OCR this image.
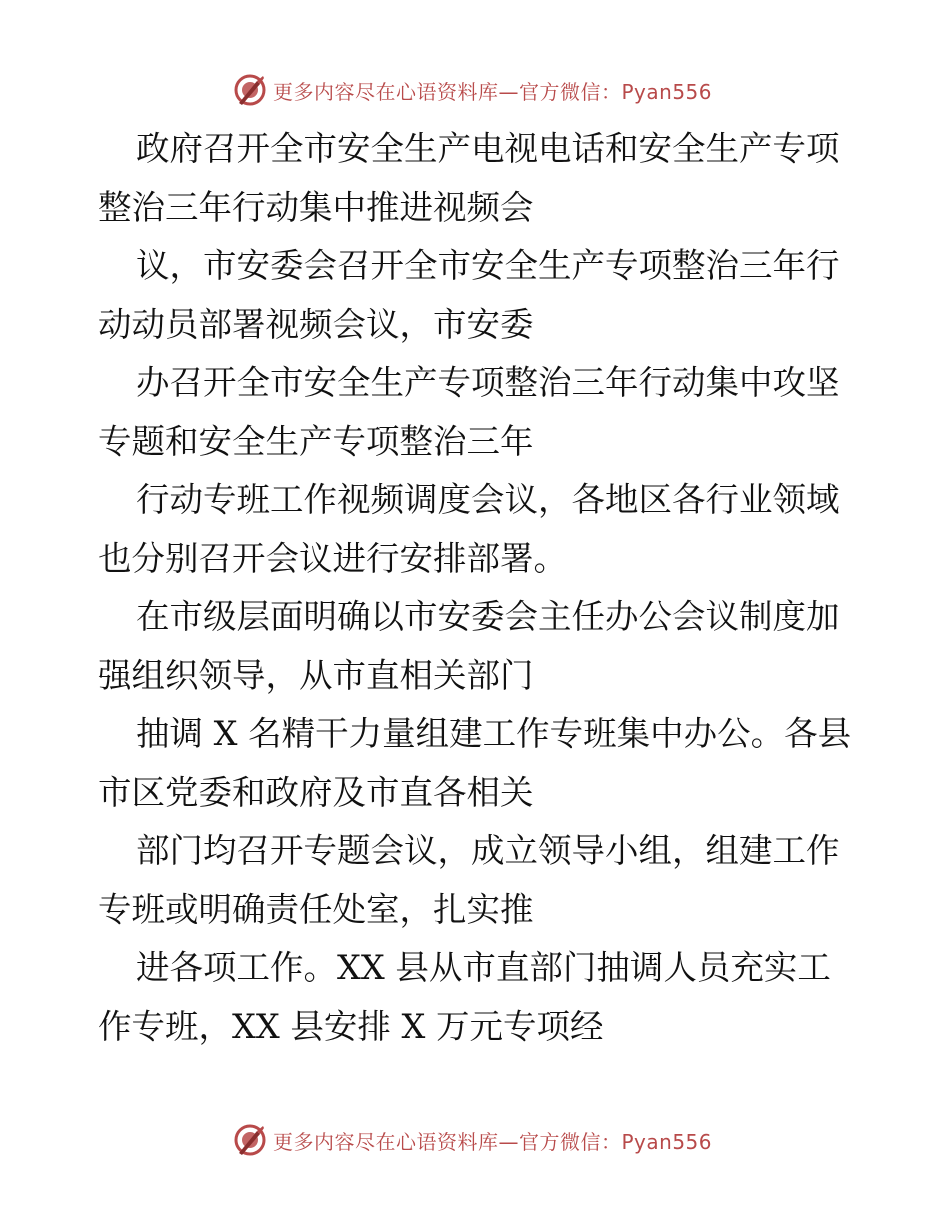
更多内容尽在心语资料库—官方微信：Pyan556

政府召开全市安全生产电视电话和安全生产专项整治三年行动集中推进视频会

议，市安委会召开全市安全生产专项整治三年行动动员部署视频会议，市安委

办召开全市安全生产专项整治三年行动集中攻坚专题和安全生产专项整治三年

行动专班工作视频调度会议，各地区各行业领域也分别召开会议进行安排部署。

在市级层面明确以市安委会主任办公会议制度加强组织领导，从市直相关部门

抽调 X 名精干力量组建工作专班集中办公。各县市区党委和政府及市直各相关

部门均召开专题会议，成立领导小组，组建工作专班或明确责任处室，扎实推

进各项工作。XX 县从市直部门抽调人员充实工作专班，XX 县安排 X 万元专项经

更多内容尽在心语资料库—官方微信：Pyan556
